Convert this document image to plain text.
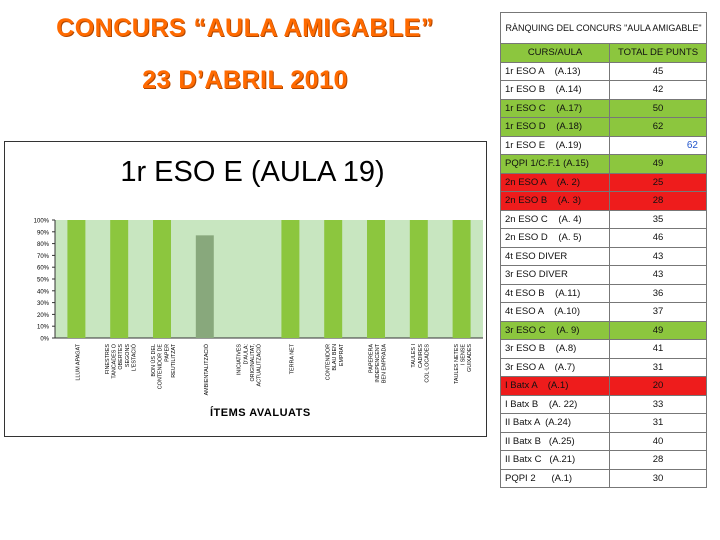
CONCURS “AULA AMIGABLE”
23 D’ABRIL 2010
1r ESO E (AULA 19)
0%
10%
20%
30%
40%
50%
60%
70%
80%
90%
100%
LLUM APAGAT	FINESTRESTANCADES OOBERTESSEGONSL'ESTACIÓ	BON ÚS DELCONTENIDOR DEPAPERREUTILITZAT	AMBIENTALITZACIÓ	INICIATIVESD'AULA:ORIGINALITAT,ACTUALITZACIÓ	TERRA NET	CONTENIDORBLAU BENEMPRAT	PAPERERAINDEPENCENTBEN EMPRADA	TAULES ICADIRESCOL·LOCADES	TAULES NETESI SENSEGUIXADES
ÍTEMS AVALUATS
RÀNQUING DEL CONCURS "AULA AMIGABLE"	
CURS/AULA	TOTAL DE PUNTS
1r ESO A    (A.13)	45
1r ESO B    (A.14)	42
1r ESO C    (A.17)	50
1r ESO D    (A.18)	62
1r ESO E    (A.19)	62
PQPI 1/C.F.1 (A.15)	49
2n ESO A    (A. 2)	25
2n ESO B    (A. 3)	28
2n ESO C    (A. 4)	35
2n ESO D    (A. 5)	46
4t ESO DIVER	43
3r ESO DIVER	43
4t ESO B    (A.11)	36
4t ESO A    (A.10)	37
3r ESO C    (A. 9)	49
3r ESO B    (A.8)	41
3r ESO A    (A.7)	31
I Batx A    (A.1)	20
I Batx B    (A. 22)	33
II Batx A  (A.24)	31
II Batx B   (A.25)	40
II Batx C   (A.21)	28
PQPI 2      (A.1)	30
